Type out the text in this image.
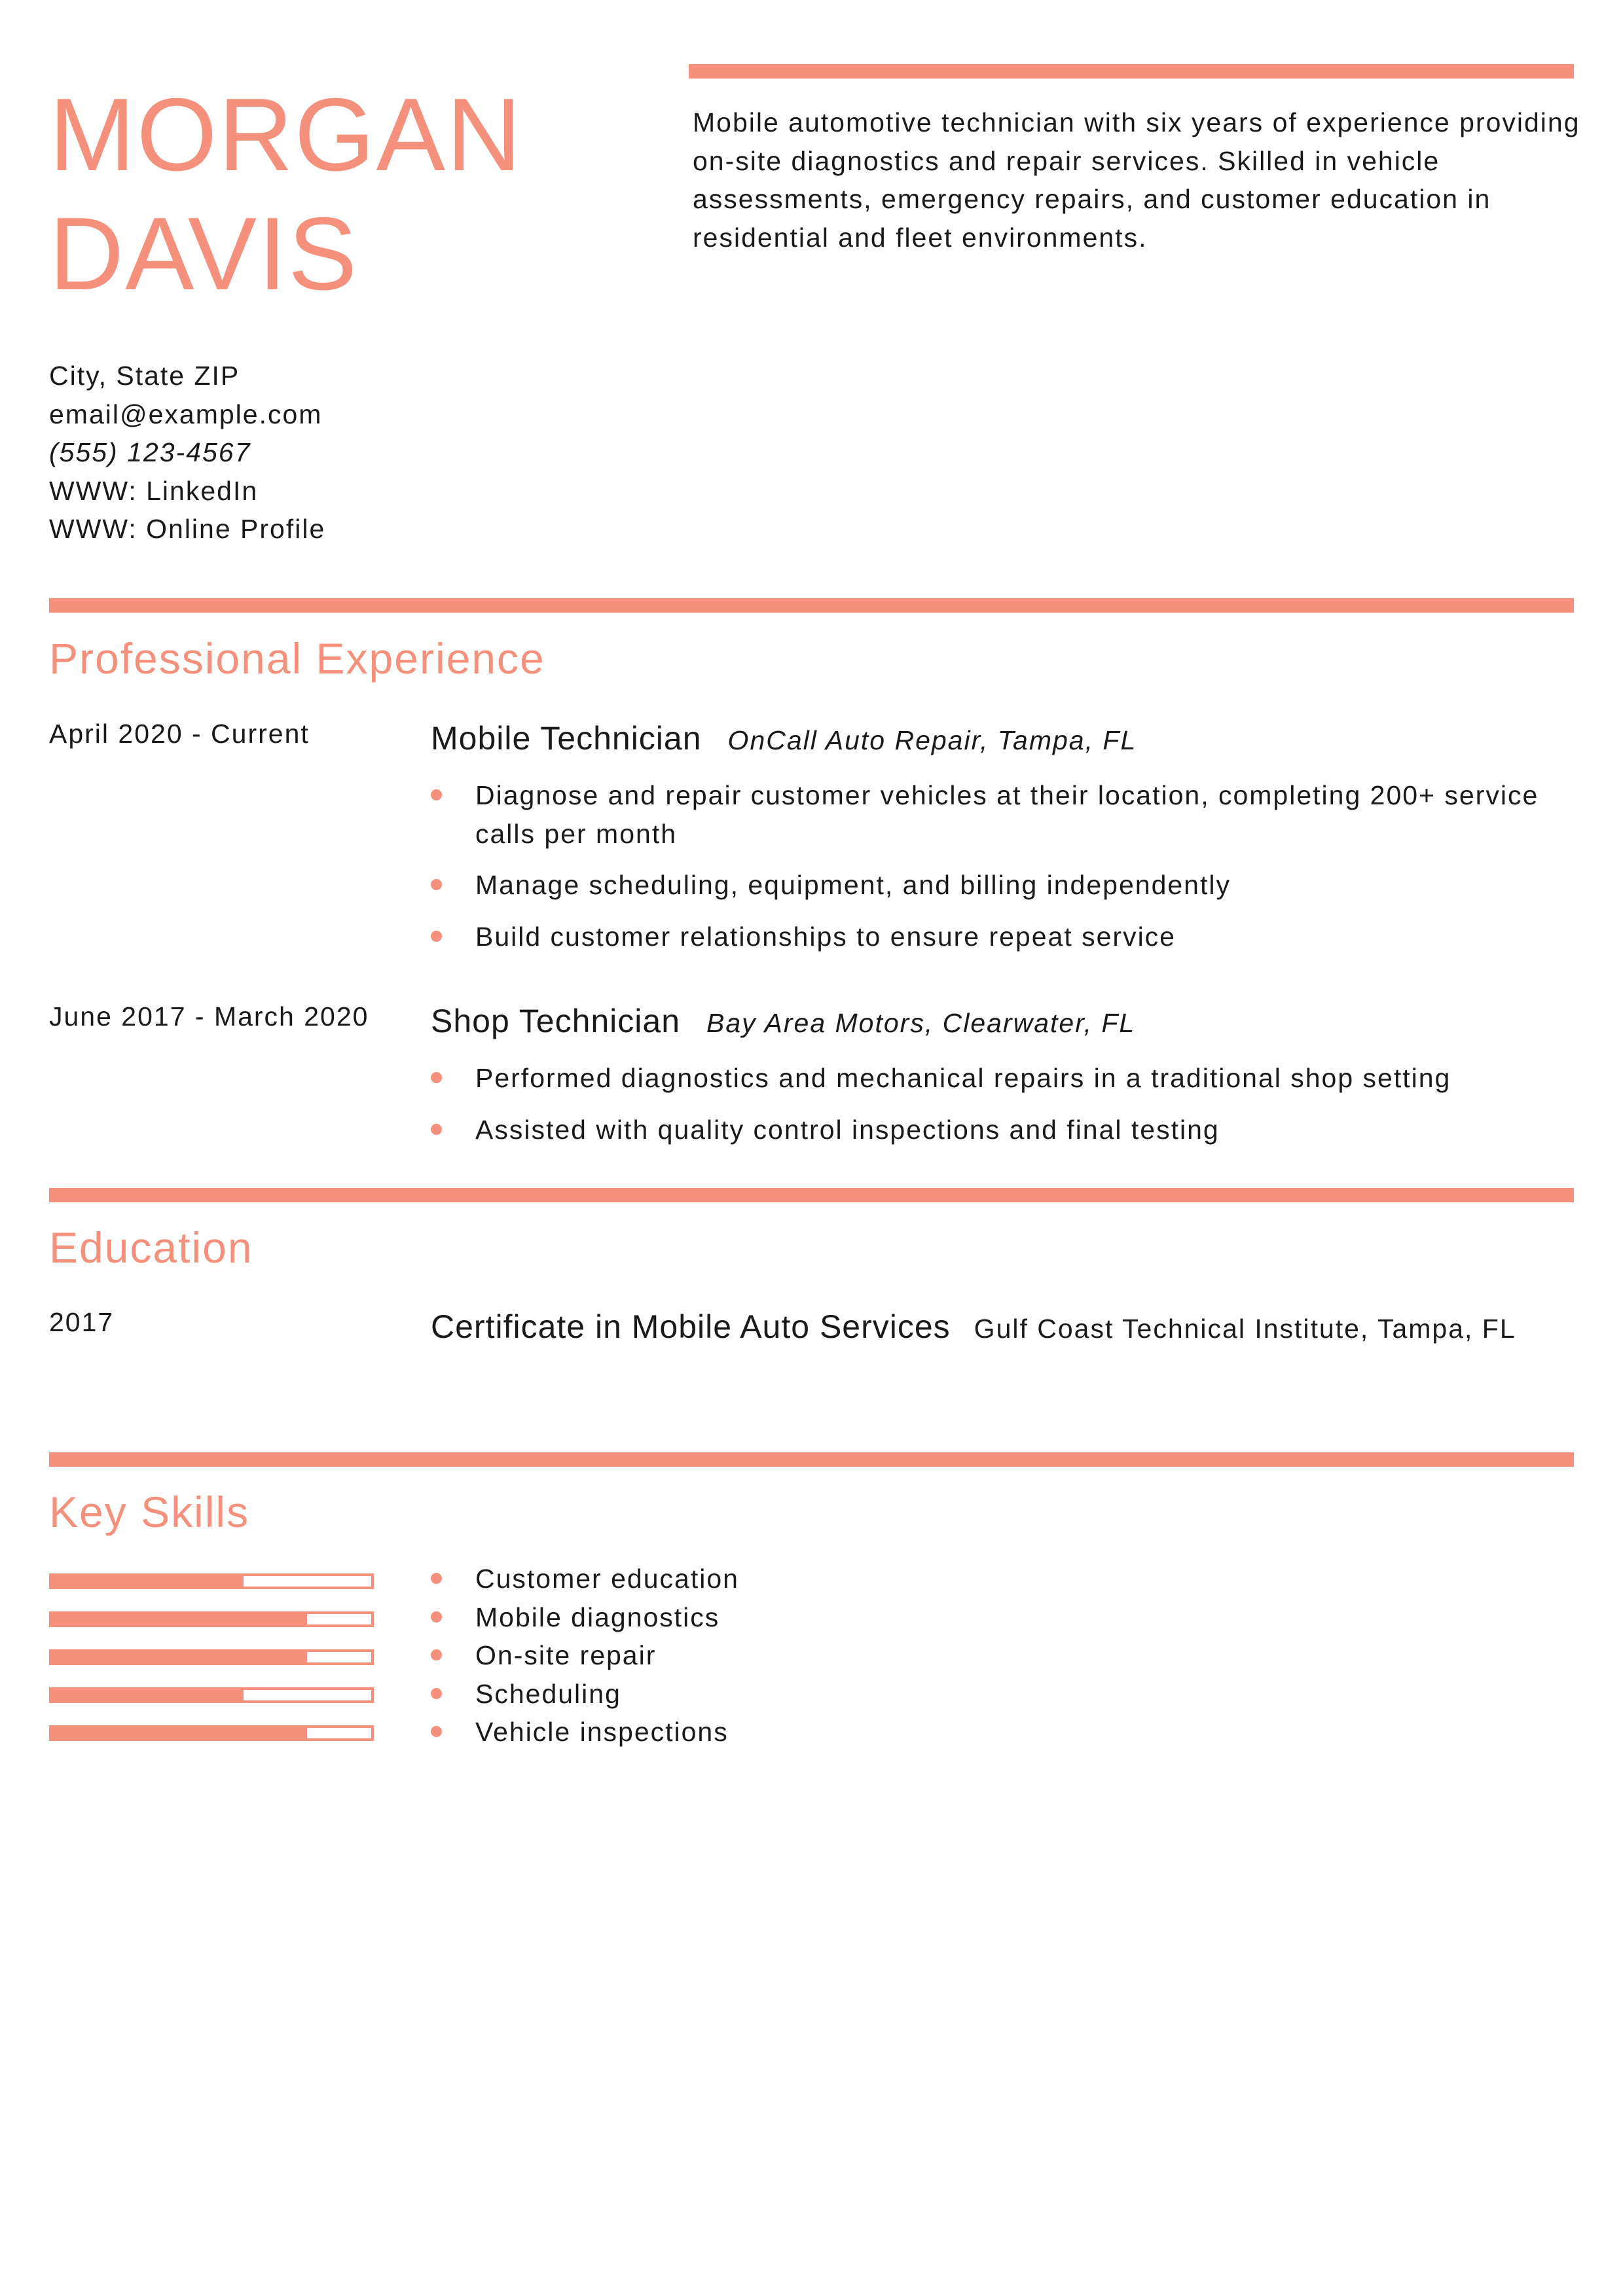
MORGAN
DAVIS
Mobile automotive technician with six years of experience providing on-site diagnostics and repair services. Skilled in vehicle assessments, emergency repairs, and customer education in residential and fleet environments.
City, State ZIP
email@example.com
(555) 123-4567
WWW: LinkedIn
WWW: Online Profile
Professional Experience
April 2020 - Current	Mobile Technician OnCall Auto Repair, Tampa, FL
Diagnose and repair customer vehicles at their location, completing 200+ service calls per month
Manage scheduling, equipment, and billing independently
Build customer relationships to ensure repeat service
June 2017 - March 2020 Shop Technician Bay Area Motors, Clearwater, FL
Performed diagnostics and mechanical repairs in a traditional shop setting
Assisted with quality control inspections and final testing
Education
2017	Certificate in Mobile Auto Services Gulf Coast Technical Institute, Tampa, FL
Key Skills
Customer education
Mobile diagnostics
On-site repair
Scheduling
Vehicle inspections
